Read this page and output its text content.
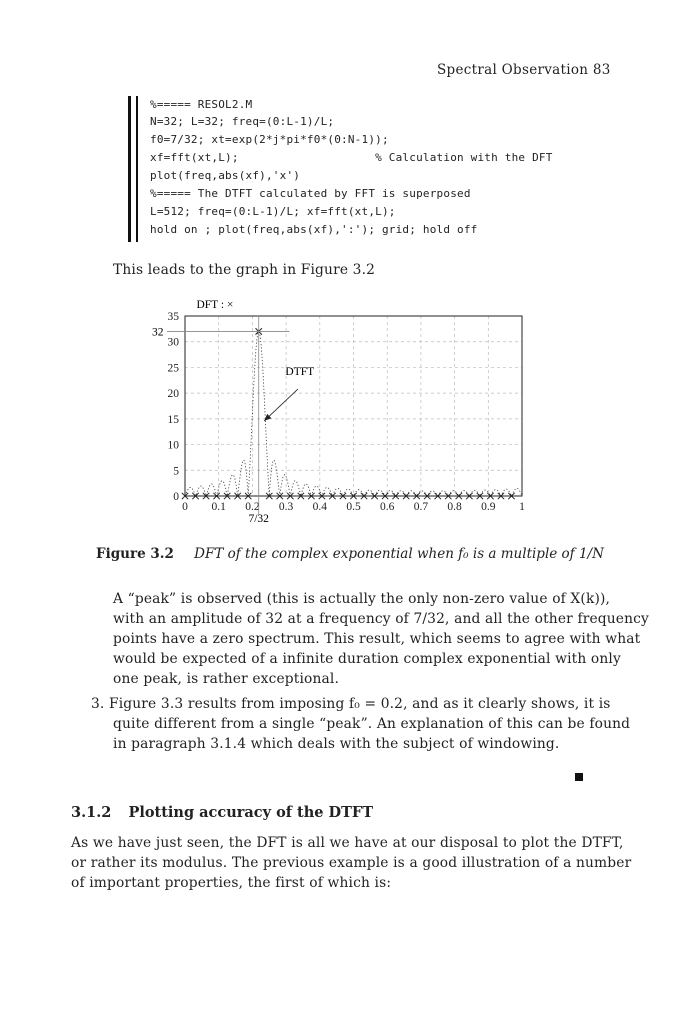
Spectral Observation 83
%===== RESOL2.M
N=32; L=32; freq=(0:L-1)/L;
f0=7/32; xt=exp(2*j*pi*f0*(0:N-1));
xf=fft(xt,L);                    % Calculation with the DFT
plot(freq,abs(xf),'x')
%===== The DTFT calculated by FFT is superposed
L=512; freq=(0:L-1)/L; xf=fft(xt,L);
hold on ; plot(freq,abs(xf),':'); grid; hold off
This leads to the graph in Figure 3.2
0 0.1 0.2 0.3 0.4 0.5 0.6 0.7 0.8 0.9 1
0
5
10
15
20
25
30
35
DFT : ×
DTFT
32
7/32
Figure 3.2 DFT of the complex exponential when f₀ is a multiple of 1/N
A “peak” is observed (this is actually the only non-zero value of X(k)),
with an amplitude of 32 at a frequency of 7/32, and all the other frequency
points have a zero spectrum. This result, which seems to agree with what
would be expected of a infinite duration complex exponential with only
one peak, is rather exceptional.
3. Figure 3.3 results from imposing f₀ = 0.2, and as it clearly shows, it is
quite different from a single “peak”. An explanation of this can be found
in paragraph 3.1.4 which deals with the subject of windowing.
3.1.2 Plotting accuracy of the DTFT
As we have just seen, the DFT is all we have at our disposal to plot the DTFT,
or rather its modulus. The previous example is a good illustration of a number
of important properties, the first of which is:
